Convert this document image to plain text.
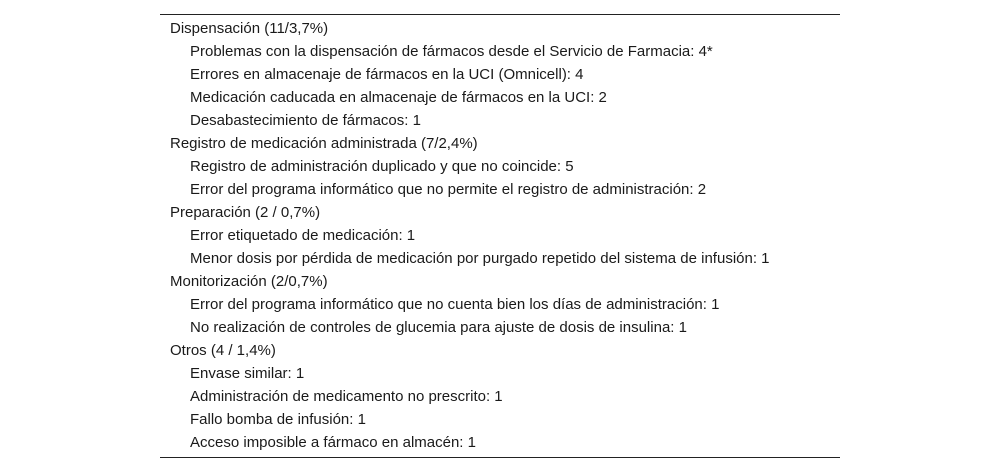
Dispensación (11/3,7%)
Problemas con la dispensación de fármacos desde el Servicio de Farmacia: 4*
Errores en almacenaje de fármacos en la UCI (Omnicell): 4
Medicación caducada en almacenaje de fármacos en la UCI: 2
Desabastecimiento de fármacos: 1
Registro de medicación administrada (7/2,4%)
Registro de administración duplicado y que no coincide: 5
Error del programa informático que no permite el registro de administración: 2
Preparación (2 / 0,7%)
Error etiquetado de medicación: 1
Menor dosis por pérdida de medicación por purgado repetido del sistema de infusión: 1
Monitorización (2/0,7%)
Error del programa informático que no cuenta bien los días de administración: 1
No realización de controles de glucemia para ajuste de dosis de insulina: 1
Otros (4 / 1,4%)
Envase similar: 1
Administración de medicamento no prescrito: 1
Fallo bomba de infusión: 1
Acceso imposible a fármaco en almacén: 1
